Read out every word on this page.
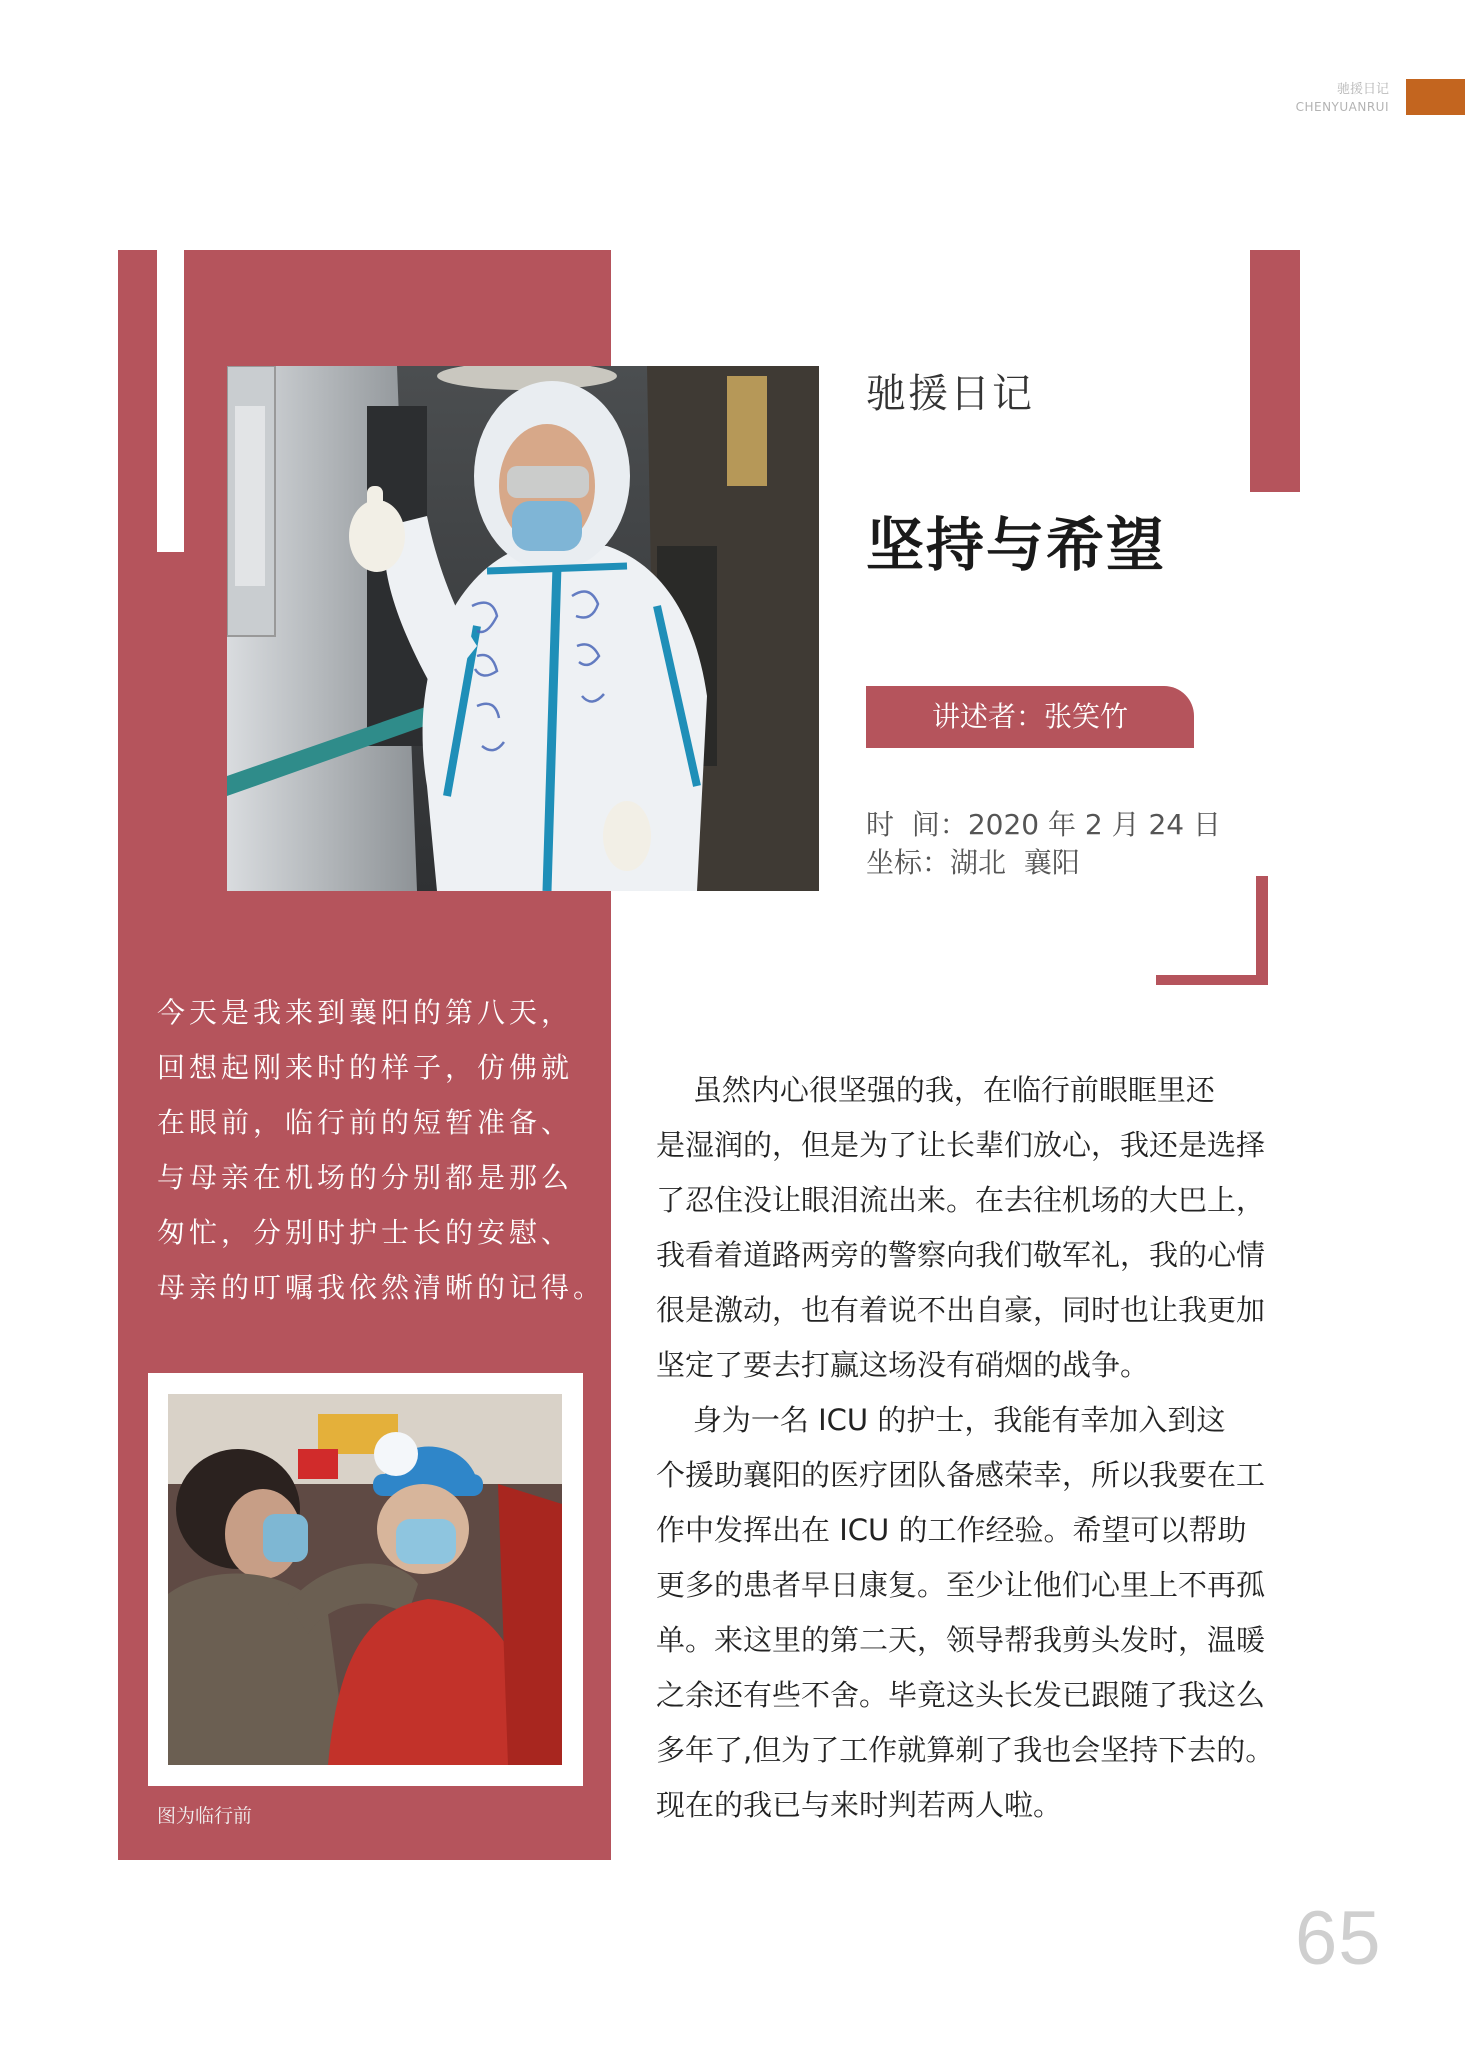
驰援日记
CHENYUANRUI
驰援日记
坚持与希望
讲述者：张笑竹
时  间：2020 年 2 月 24 日
坐标：湖北  襄阳

今天是我来到襄阳的第八天，

回想起刚来时的样子，仿佛就

在眼前，临行前的短暂准备、

与母亲在机场的分别都是那么

匆忙，分别时护士长的安慰、

母亲的叮嘱我依然清晰的记得。

图为临行前

虽然内心很坚强的我，在临行前眼眶里还

是湿润的，但是为了让长辈们放心，我还是选择

了忍住没让眼泪流出来。在去往机场的大巴上，

我看着道路两旁的警察向我们敬军礼，我的心情

很是激动，也有着说不出自豪，同时也让我更加

坚定了要去打赢这场没有硝烟的战争。

身为一名 ICU 的护士，我能有幸加入到这

个援助襄阳的医疗团队备感荣幸，所以我要在工

作中发挥出在 ICU 的工作经验。希望可以帮助

更多的患者早日康复。至少让他们心里上不再孤

单。来这里的第二天，领导帮我剪头发时，温暖

之余还有些不舍。毕竟这头长发已跟随了我这么

多年了,但为了工作就算剃了我也会坚持下去的。

现在的我已与来时判若两人啦。

65
